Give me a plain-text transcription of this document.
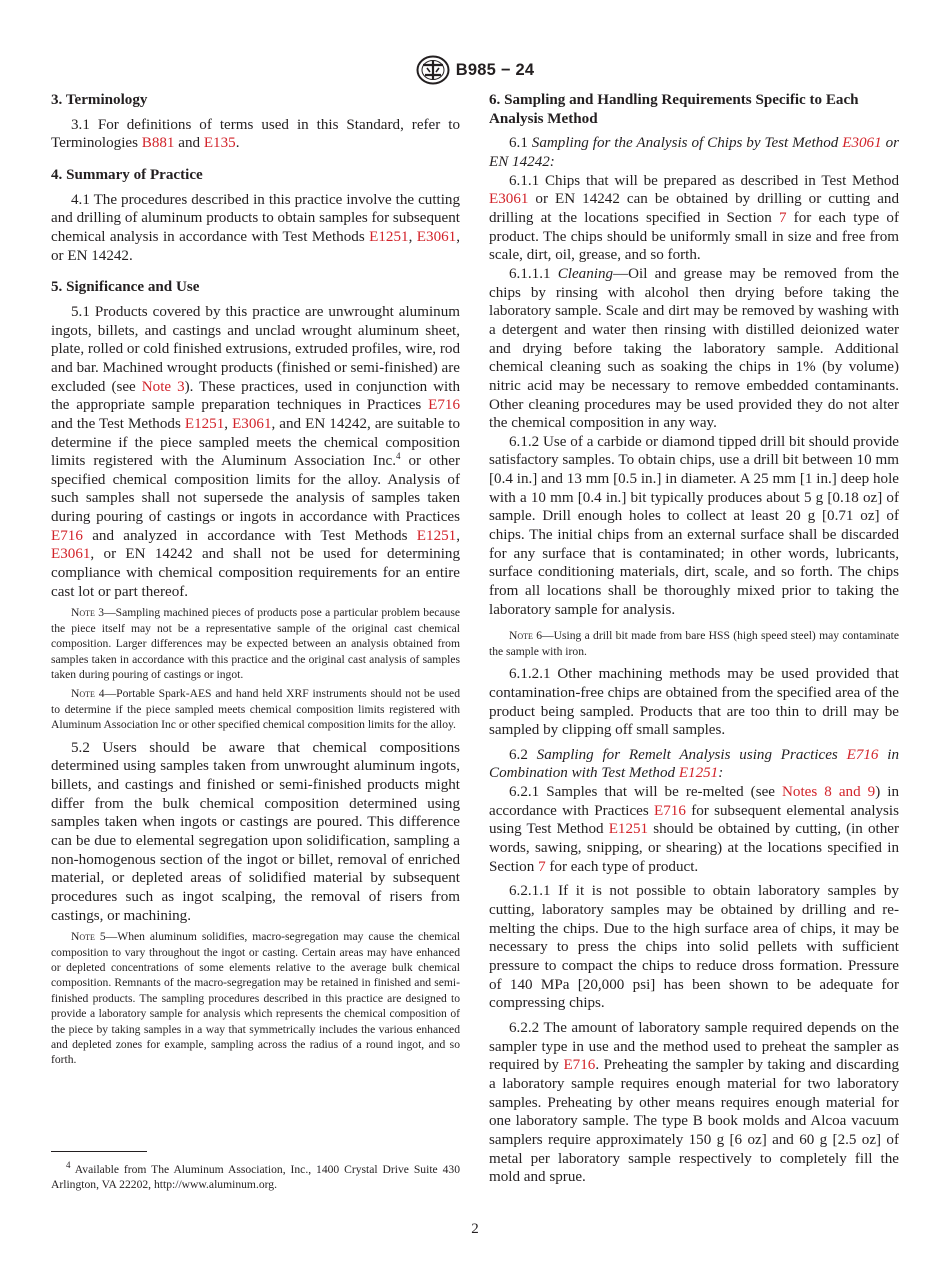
B985 − 24
3. Terminology

3.1 For definitions of terms used in this Standard, refer to Terminologies B881 and E135.

4. Summary of Practice

4.1 The procedures described in this practice involve the cutting and drilling of aluminum products to obtain samples for subsequent chemical analysis in accordance with Test Methods E1251, E3061, or EN 14242.

5. Significance and Use

5.1 Products covered by this practice are unwrought aluminum ingots, billets, and castings and unclad wrought aluminum sheet, plate, rolled or cold finished extrusions, extruded profiles, wire, rod and bar. Machined wrought products (finished or semi-finished) are excluded (see Note 3). These practices, used in conjunction with the appropriate sample preparation techniques in Practices E716 and the Test Methods E1251, E3061, and EN 14242, are suitable to determine if the piece sampled meets the chemical composition limits registered with the Aluminum Association Inc.$^4$ or other specified chemical composition limits for the alloy. Analysis of such samples shall not supersede the analysis of samples taken during pouring of castings or ingots in accordance with Practices E716 and analyzed in accordance with Test Methods E1251, E3061, or EN 14242 and shall not be used for determining compliance with chemical composition requirements for an entire cast lot or part thereof.

Note 3—Sampling machined pieces of products pose a particular problem because the piece itself may not be a representative sample of the original cast chemical composition. Larger differences may be expected between an analysis obtained from samples taken in accordance with this practice and the original cast analysis of samples taken during pouring of castings or ingot.
Note 4—Portable Spark-AES and hand held XRF instruments should not be used to determine if the piece sampled meets chemical composition limits registered with Aluminum Association Inc or other specified chemical composition limits for the alloy.

5.2 Users should be aware that chemical compositions determined using samples taken from unwrought aluminum ingots, billets, and castings and finished or semi-finished products might differ from the bulk chemical composition determined using samples taken when ingots or castings are poured. This difference can be due to elemental segregation upon solidification, sampling a non-homogenous section of the ingot or billet, removal of enriched material, or depleted areas of solidified material by subsequent procedures such as ingot scalping, the removal of risers from castings, or machining.

Note 5—When aluminum solidifies, macro-segregation may cause the chemical composition to vary throughout the ingot or casting. Certain areas may have enhanced or depleted concentrations of some elements relative to the average bulk chemical composition. Remnants of the macro-segregation may be retained in finished and semi-finished products. The sampling procedures described in this practice are designed to provide a laboratory sample for analysis which represents the chemical composition of the piece by taking samples in a way that symmetrically includes the various enhanced and depleted zones for example, sampling across the radius of a round ingot, and so forth.
$^4$ Available from The Aluminum Association, Inc., 1400 Crystal Drive Suite 430 Arlington, VA 22202, http://www.aluminum.org.
6. Sampling and Handling Requirements Specific to Each Analysis Method

6.1 Sampling for the Analysis of Chips by Test Method E3061 or EN 14242:

6.1.1 Chips that will be prepared as described in Test Method E3061 or EN 14242 can be obtained by drilling or cutting and drilling at the locations specified in Section 7 for each type of product. The chips should be uniformly small in size and free from scale, dirt, oil, grease, and so forth.

6.1.1.1 Cleaning—Oil and grease may be removed from the chips by rinsing with alcohol then drying before taking the laboratory sample. Scale and dirt may be removed by washing with a detergent and water then rinsing with distilled deionized water and drying before taking the laboratory sample. Additional chemical cleaning such as soaking the chips in 1% (by volume) nitric acid may be necessary to remove embedded contaminants. Other cleaning procedures may be used provided they do not alter the chemical composition in any way.

6.1.2 Use of a carbide or diamond tipped drill bit should provide satisfactory samples. To obtain chips, use a drill bit between 10 mm [0.4 in.] and 13 mm [0.5 in.] in diameter. A 25 mm [1 in.] deep hole with a 10 mm [0.4 in.] bit typically produces about 5 g [0.18 oz] of sample. Drill enough holes to collect at least 20 g [0.71 oz] of chips. The initial chips from an external surface shall be discarded for any surface that is contaminated; in other words, lubricants, surface conditioning materials, dirt, scale, and so forth. The chips from all locations shall be thoroughly mixed prior to taking the laboratory sample for analysis.

Note 6—Using a drill bit made from bare HSS (high speed steel) may contaminate the sample with iron.

6.1.2.1 Other machining methods may be used provided that contamination-free chips are obtained from the specified area of the product being sampled. Products that are too thin to drill may be sampled by clipping off small samples.

6.2 Sampling for Remelt Analysis using Practices E716 in Combination with Test Method E1251:

6.2.1 Samples that will be re-melted (see Notes 8 and 9) in accordance with Practices E716 for subsequent elemental analysis using Test Method E1251 should be obtained by cutting, (in other words, sawing, snipping, or shearing) at the locations specified in Section 7 for each type of product.

6.2.1.1 If it is not possible to obtain laboratory samples by cutting, laboratory samples may be obtained by drilling and re-melting the chips. Due to the high surface area of chips, it may be necessary to press the chips into solid pellets with sufficient pressure to compact the chips to reduce dross formation. Pressure of 140 MPa [20,000 psi] has been shown to be adequate for compressing chips.

6.2.2 The amount of laboratory sample required depends on the sampler type in use and the method used to preheat the sampler as required by E716. Preheating the sampler by taking and discarding a laboratory sample requires enough material for two laboratory samples. Preheating by other means requires enough material for one laboratory sample. The type B book molds and Alcoa vacuum samplers require approximately 150 g [6 oz] and 60 g [2.5 oz] of metal per laboratory sample respectively to completely fill the mold and sprue.

2
